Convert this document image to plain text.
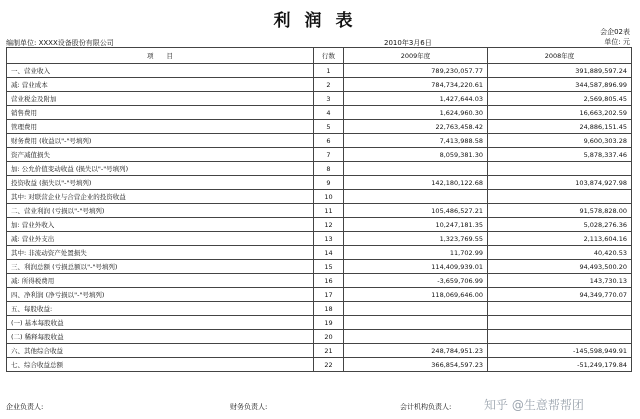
利润表
会企02表
编制单位: XXXX设备股份有限公司	2010年3月6日	单位: 元
项　　目	行数	2009年度	2008年度
一、营业收入	1	789,230,057.77	391,889,597.24
减: 营业成本	2	784,734,220.61	344,587,896.99
营业税金及附加	3	1,427,644.03	2,569,805.45
销售费用	4	1,624,960.30	16,663,202.59
管理费用	5	22,763,458.42	24,886,151.45
财务费用 (收益以"-"号填列)	6	7,413,988.58	9,600,303.28
资产减值损失	7	8,059,381.30	5,878,337.46
加: 公允价值变动收益 (损失以"-"号填列)	8		
投资收益 (损失以"-"号填列)	9	142,180,122.68	103,874,927.98
其中: 对联营企业与合营企业的投资收益	10		
二、营业利润 (亏损以"-"号填列)	11	105,486,527.21	91,578,828.00
加: 营业外收入	12	10,247,181.35	5,028,276.36
减: 营业外支出	13	1,323,769.55	2,113,604.16
其中: 非流动资产处置损失	14	11,702.99	40,420.53
三、利润总额 (亏损总额以"-"号填列)	15	114,409,939.01	94,493,500.20
减: 所得税费用	16	-3,659,706.99	143,730.13
四、净利润 (净亏损以"-"号填列)	17	118,069,646.00	94,349,770.07
五、每股收益:	18		
(一) 基本每股收益	19		
(二) 稀释每股收益	20		
六、其他综合收益	21	248,784,951.23	-145,598,949.91
七、综合收益总额	22	366,854,597.23	-51,249,179.84
企业负责人:	财务负责人:	会计机构负责人:	知乎 @生意帮帮团
